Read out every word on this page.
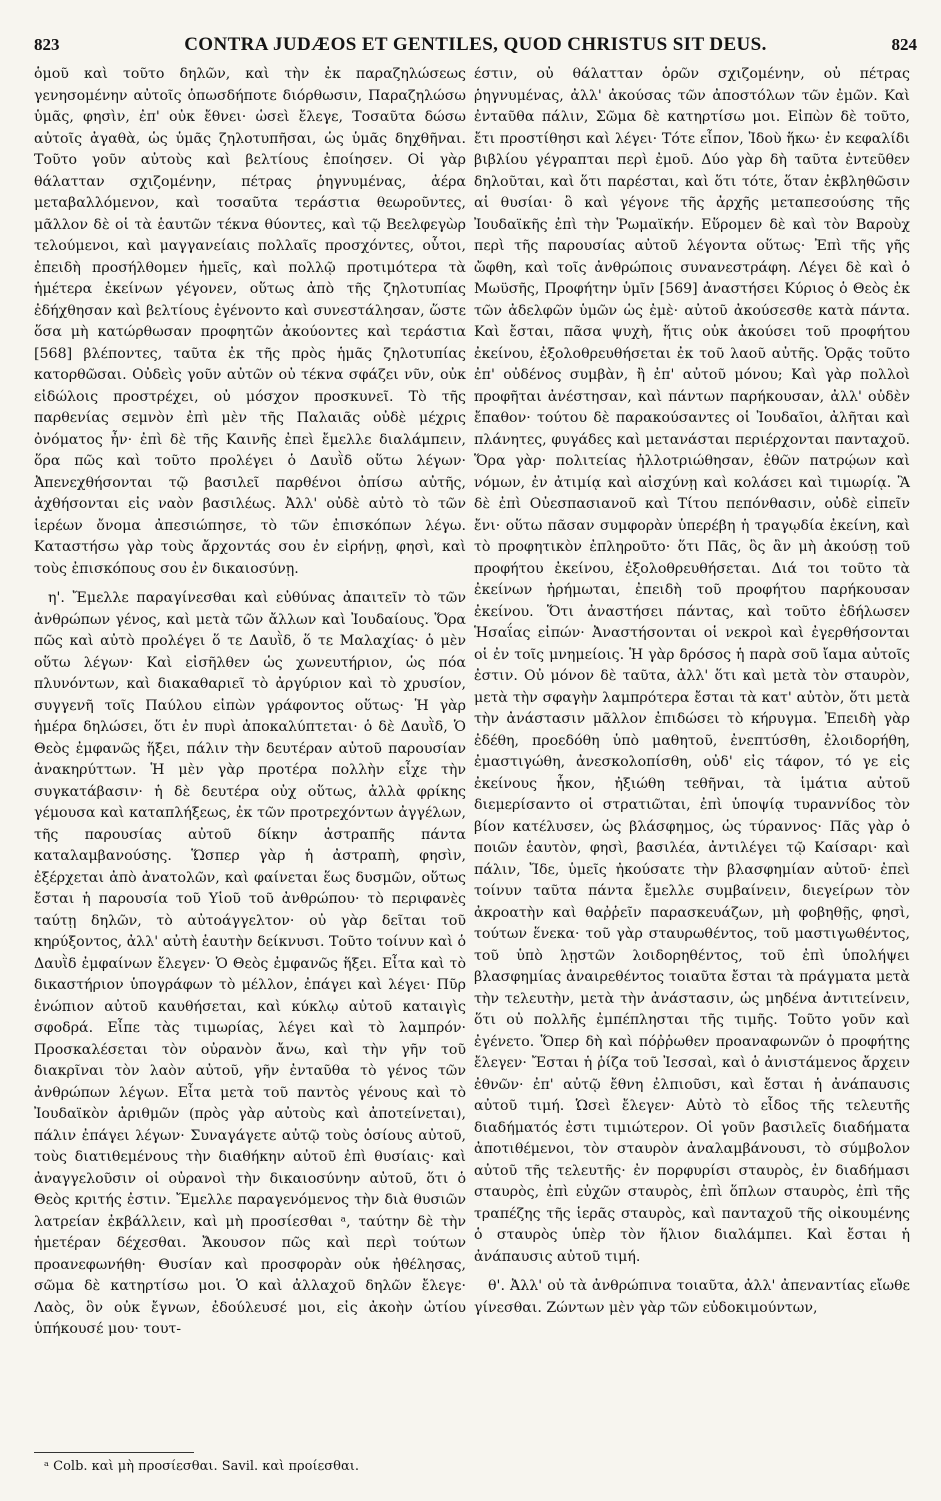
823	CONTRA JUDÆOS ET GENTILES, QUOD CHRISTUS SIT DEUS.	824

ὁμοῦ καὶ τοῦτο δηλῶν, καὶ τὴν ἐκ παραζηλώσεως γενησομένην αὐτοῖς ὁπωσδήποτε διόρθωσιν, Παραζηλώσω ὑμᾶς, φησὶν, ἐπ' οὐκ ἔθνει· ὡσεὶ ἔλεγε, Τοσαῦτα δώσω αὐτοῖς ἀγαθὰ, ὡς ὑμᾶς ζηλοτυπῆσαι, ὡς ὑμᾶς δηχθῆναι. Τοῦτο γοῦν αὐτοὺς καὶ βελτίους ἐποίησεν. Οἱ γὰρ θάλατταν σχιζομένην, πέτρας ῥηγνυμένας, ἀέρα μεταβαλλόμενον, καὶ τοσαῦτα τεράστια θεωροῦντες, μᾶλλον δὲ οἱ τὰ ἑαυτῶν τέκνα θύοντες, καὶ τῷ Βεελφεγὼρ τελούμενοι, καὶ μαγγανείαις πολλαῖς προσχόντες, οὗτοι, ἐπειδὴ προσήλθομεν ἡμεῖς, καὶ πολλῷ προτιμότερα τὰ ἡμέτερα ἐκείνων γέγονεν, οὕτως ἀπὸ τῆς ζηλοτυπίας ἐδήχθησαν καὶ βελτίους ἐγένοντο καὶ συνεστάλησαν, ὥστε ὅσα μὴ κατώρθωσαν προφητῶν ἀκούοντες καὶ τεράστια [568] βλέποντες, ταῦτα ἐκ τῆς πρὸς ἡμᾶς ζηλοτυπίας κατορθῶσαι. Οὐδεὶς γοῦν αὐτῶν οὐ τέκνα σφάζει νῦν, οὐκ εἰδώλοις προστρέχει, οὐ μόσχον προσκυνεῖ. Τὸ τῆς παρθενίας σεμνὸν ἐπὶ μὲν τῆς Παλαιᾶς οὐδὲ μέχρις ὀνόματος ἦν· ἐπὶ δὲ τῆς Καινῆς ἐπεὶ ἔμελλε διαλάμπειν, ὅρα πῶς καὶ τοῦτο προλέγει ὁ Δαυῒδ οὕτω λέγων· Ἀπενεχθήσονται τῷ βασιλεῖ παρθένοι ὀπίσω αὐτῆς, ἀχθήσονται εἰς ναὸν βασιλέως. Ἀλλ' οὐδὲ αὐτὸ τὸ τῶν ἱερέων ὄνομα ἀπεσιώπησε, τὸ τῶν ἐπισκόπων λέγω. Καταστήσω γὰρ τοὺς ἄρχοντάς σου ἐν εἰρήνῃ, φησὶ, καὶ τοὺς ἐπισκόπους σου ἐν δικαιοσύνῃ.

η'. Ἔμελλε παραγίνεσθαι καὶ εὐθύνας ἀπαιτεῖν τὸ τῶν ἀνθρώπων γένος, καὶ μετὰ τῶν ἄλλων καὶ Ἰουδαίους. Ὅρα πῶς καὶ αὐτὸ προλέγει ὅ τε Δαυῒδ, ὅ τε Μαλαχίας· ὁ μὲν οὕτω λέγων· Καὶ εἰσῆλθεν ὡς χωνευτήριον, ὡς πόα πλυνόντων, καὶ διακαθαριεῖ τὸ ἀργύριον καὶ τὸ χρυσίον, συγγενῆ τοῖς Παύλου εἰπὼν γράφοντος οὕτως· Ἡ γὰρ ἡμέρα δηλώσει, ὅτι ἐν πυρὶ ἀποκαλύπτεται· ὁ δὲ Δαυῒδ, Ὁ Θεὸς ἐμφανῶς ἥξει, πάλιν τὴν δευτέραν αὐτοῦ παρουσίαν ἀνακηρύττων. Ἡ μὲν γὰρ προτέρα πολλὴν εἶχε τὴν συγκατάβασιν· ἡ δὲ δευτέρα οὐχ οὕτως, ἀλλὰ φρίκης γέμουσα καὶ καταπλήξεως, ἐκ τῶν προτρεχόντων ἀγγέλων, τῆς παρουσίας αὐτοῦ δίκην ἀστραπῆς πάντα καταλαμβανούσης. Ὥσπερ γὰρ ἡ ἀστραπὴ, φησὶν, ἐξέρχεται ἀπὸ ἀνατολῶν, καὶ φαίνεται ἕως δυσμῶν, οὕτως ἔσται ἡ παρουσία τοῦ Υἱοῦ τοῦ ἀνθρώπου· τὸ περιφανὲς ταύτῃ δηλῶν, τὸ αὐτοάγγελτον· οὐ γὰρ δεῖται τοῦ κηρύξοντος, ἀλλ' αὐτὴ ἑαυτὴν δείκνυσι. Τοῦτο τοίνυν καὶ ὁ Δαυῒδ ἐμφαίνων ἔλεγεν· Ὁ Θεὸς ἐμφανῶς ἥξει. Εἶτα καὶ τὸ δικαστήριον ὑπογράφων τὸ μέλλον, ἐπάγει καὶ λέγει· Πῦρ ἐνώπιον αὐτοῦ καυθήσεται, καὶ κύκλῳ αὐτοῦ καταιγὶς σφοδρά. Εἶπε τὰς τιμωρίας, λέγει καὶ τὸ λαμπρόν· Προσκαλέσεται τὸν οὐρανὸν ἄνω, καὶ τὴν γῆν τοῦ διακρῖναι τὸν λαὸν αὐτοῦ, γῆν ἐνταῦθα τὸ γένος τῶν ἀνθρώπων λέγων. Εἶτα μετὰ τοῦ παντὸς γένους καὶ τὸ Ἰουδαϊκὸν ἀριθμῶν (πρὸς γὰρ αὐτοὺς καὶ ἀποτείνεται), πάλιν ἐπάγει λέγων· Συναγάγετε αὐτῷ τοὺς ὁσίους αὐτοῦ, τοὺς διατιθεμένους τὴν διαθήκην αὐτοῦ ἐπὶ θυσίαις· καὶ ἀναγγελοῦσιν οἱ οὐρανοὶ τὴν δικαιοσύνην αὐτοῦ, ὅτι ὁ Θεὸς κριτής ἐστιν. Ἔμελλε παραγενόμενος τὴν διὰ θυσιῶν λατρείαν ἐκβάλλειν, καὶ μὴ προσίεσθαι ᵃ, ταύτην δὲ τὴν ἡμετέραν δέχεσθαι. Ἄκουσον πῶς καὶ περὶ τούτων προανεφωνήθη· Θυσίαν καὶ προσφορὰν οὐκ ἠθέλησας, σῶμα δὲ κατηρτίσω μοι. Ὁ καὶ ἀλλαχοῦ δηλῶν ἔλεγε· Λαὸς, ὃν οὐκ ἔγνων, ἐδούλευσέ μοι, εἰς ἀκοὴν ὠτίου ὑπήκουσέ μου· τουτ-

έστιν, οὐ θάλατταν ὁρῶν σχιζομένην, οὐ πέτρας ῥηγνυμένας, ἀλλ' ἀκούσας τῶν ἀποστόλων τῶν ἐμῶν. Καὶ ἐνταῦθα πάλιν, Σῶμα δὲ κατηρτίσω μοι. Εἰπὼν δὲ τοῦτο, ἔτι προστίθησι καὶ λέγει· Τότε εἶπον, Ἰδοὺ ἥκω· ἐν κεφαλίδι βιβλίου γέγραπται περὶ ἐμοῦ. Δύο γὰρ δὴ ταῦτα ἐντεῦθεν δηλοῦται, καὶ ὅτι παρέσται, καὶ ὅτι τότε, ὅταν ἐκβληθῶσιν αἱ θυσίαι· ὃ καὶ γέγονε τῆς ἀρχῆς μεταπεσούσης τῆς Ἰουδαϊκῆς ἐπὶ τὴν Ῥωμαϊκήν. Εὕρομεν δὲ καὶ τὸν Βαροὺχ περὶ τῆς παρουσίας αὐτοῦ λέγοντα οὕτως· Ἐπὶ τῆς γῆς ὤφθη, καὶ τοῖς ἀνθρώποις συνανεστράφη. Λέγει δὲ καὶ ὁ Μωϋσῆς, Προφήτην ὑμῖν [569] ἀναστήσει Κύριος ὁ Θεὸς ἐκ τῶν ἀδελφῶν ὑμῶν ὡς ἐμὲ· αὐτοῦ ἀκούσεσθε κατὰ πάντα. Καὶ ἔσται, πᾶσα ψυχὴ, ἥτις οὐκ ἀκούσει τοῦ προφήτου ἐκείνου, ἐξολοθρευθήσεται ἐκ τοῦ λαοῦ αὐτῆς. Ὁρᾷς τοῦτο ἐπ' οὐδένος συμβὰν, ἢ ἐπ' αὐτοῦ μόνου; Καὶ γὰρ πολλοὶ προφῆται ἀνέστησαν, καὶ πάντων παρήκουσαν, ἀλλ' οὐδὲν ἔπαθον· τούτου δὲ παρακούσαντες οἱ Ἰουδαῖοι, ἀλῆται καὶ πλάνητες, φυγάδες καὶ μετανάσται περιέρχονται πανταχοῦ. Ὅρα γὰρ· πολιτείας ἠλλοτριώθησαν, ἐθῶν πατρῴων καὶ νόμων, ἐν ἀτιμίᾳ καὶ αἰσχύνῃ καὶ κολάσει καὶ τιμωρίᾳ. Ἃ δὲ ἐπὶ Οὐεσπασιανοῦ καὶ Τίτου πεπόνθασιν, οὐδὲ εἰπεῖν ἔνι· οὕτω πᾶσαν συμφορὰν ὑπερέβη ἡ τραγῳδία ἐκείνη, καὶ τὸ προφητικὸν ἐπληροῦτο· ὅτι Πᾶς, ὃς ἂν μὴ ἀκούσῃ τοῦ προφήτου ἐκείνου, ἐξολοθρευθήσεται. Διά τοι τοῦτο τὰ ἐκείνων ἠρήμωται, ἐπειδὴ τοῦ προφήτου παρήκουσαν ἐκείνου. Ὅτι ἀναστήσει πάντας, καὶ τοῦτο ἐδήλωσεν Ἡσαΐας εἰπών· Ἀναστήσονται οἱ νεκροὶ καὶ ἐγερθήσονται οἱ ἐν τοῖς μνημείοις. Ἡ γὰρ δρόσος ἡ παρὰ σοῦ ἴαμα αὐτοῖς ἐστιν. Οὐ μόνον δὲ ταῦτα, ἀλλ' ὅτι καὶ μετὰ τὸν σταυρὸν, μετὰ τὴν σφαγὴν λαμπρότερα ἔσται τὰ κατ' αὐτὸν, ὅτι μετὰ τὴν ἀνάστασιν μᾶλλον ἐπιδώσει τὸ κήρυγμα. Ἐπειδὴ γὰρ ἐδέθη, προεδόθη ὑπὸ μαθητοῦ, ἐνεπτύσθη, ἐλοιδορήθη, ἐμαστιγώθη, ἀνεσκολοπίσθη, οὐδ' εἰς τάφον, τό γε εἰς ἐκείνους ἧκον, ἠξιώθη τεθῆναι, τὰ ἱμάτια αὐτοῦ διεμερίσαντο οἱ στρατιῶται, ἐπὶ ὑποψίᾳ τυραννίδος τὸν βίον κατέλυσεν, ὡς βλάσφημος, ὡς τύραννος· Πᾶς γὰρ ὁ ποιῶν ἑαυτὸν, φησὶ, βασιλέα, ἀντιλέγει τῷ Καίσαρι· καὶ πάλιν, Ἴδε, ὑμεῖς ἠκούσατε τὴν βλασφημίαν αὐτοῦ· ἐπεὶ τοίνυν ταῦτα πάντα ἔμελλε συμβαίνειν, διεγείρων τὸν ἀκροατὴν καὶ θαῤῥεῖν παρασκευάζων, μὴ φοβηθῇς, φησὶ, τούτων ἕνεκα· τοῦ γὰρ σταυρωθέντος, τοῦ μαστιγωθέντος, τοῦ ὑπὸ λῃστῶν λοιδορηθέντος, τοῦ ἐπὶ ὑπολήψει βλασφημίας ἀναιρεθέντος τοιαῦτα ἔσται τὰ πράγματα μετὰ τὴν τελευτὴν, μετὰ τὴν ἀνάστασιν, ὡς μηδένα ἀντιτείνειν, ὅτι οὐ πολλῆς ἐμπέπλησται τῆς τιμῆς. Τοῦτο γοῦν καὶ ἐγένετο. Ὅπερ δὴ καὶ πόῤῥωθεν προαναφωνῶν ὁ προφήτης ἔλεγεν· Ἔσται ἡ ῥίζα τοῦ Ἰεσσαὶ, καὶ ὁ ἀνιστάμενος ἄρχειν ἐθνῶν· ἐπ' αὐτῷ ἔθνη ἐλπιοῦσι, καὶ ἔσται ἡ ἀνάπαυσις αὐτοῦ τιμή. Ὡσεὶ ἔλεγεν· Αὐτὸ τὸ εἶδος τῆς τελευτῆς διαδήματός ἐστι τιμιώτερον. Οἱ γοῦν βασιλεῖς διαδήματα ἀποτιθέμενοι, τὸν σταυρὸν ἀναλαμβάνουσι, τὸ σύμβολον αὐτοῦ τῆς τελευτῆς· ἐν πορφυρίσι σταυρὸς, ἐν διαδήμασι σταυρὸς, ἐπὶ εὐχῶν σταυρὸς, ἐπὶ ὅπλων σταυρὸς, ἐπὶ τῆς τραπέζης τῆς ἱερᾶς σταυρὸς, καὶ πανταχοῦ τῆς οἰκουμένης ὁ σταυρὸς ὑπὲρ τὸν ἥλιον διαλάμπει. Καὶ ἔσται ἡ ἀνάπαυσις αὐτοῦ τιμή.

θ'. Ἀλλ' οὐ τὰ ἀνθρώπινα τοιαῦτα, ἀλλ' ἀπεναντίας εἴωθε γίνεσθαι. Ζώντων μὲν γὰρ τῶν εὐδοκιμούντων,

ᵃ Colb. καὶ μὴ προσίεσθαι. Savil. καὶ προίεσθαι.
